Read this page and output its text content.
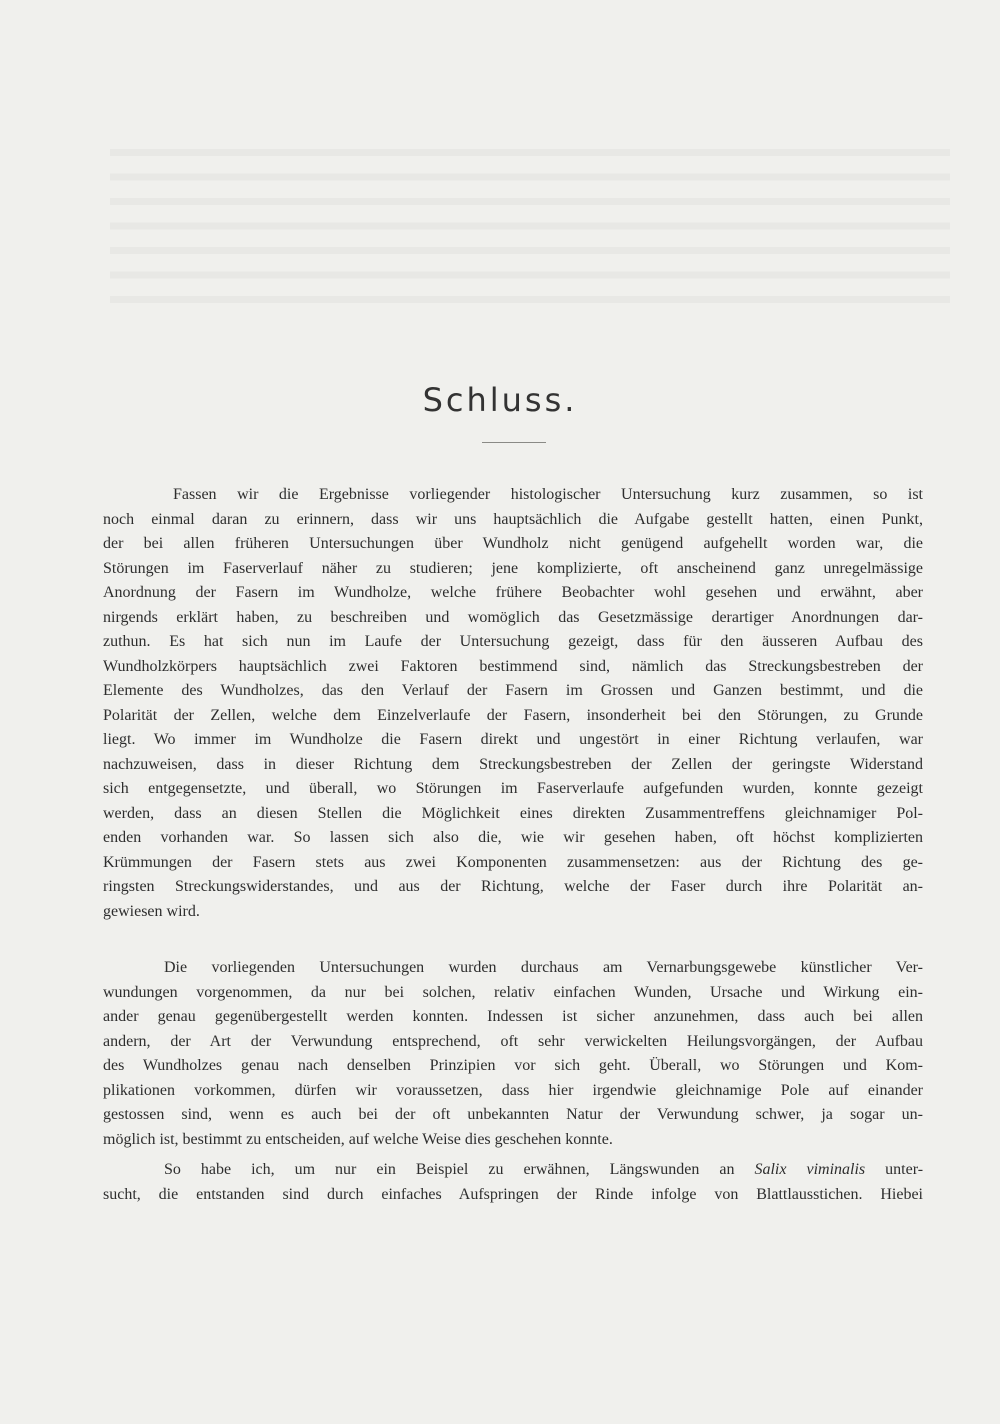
Schluss.
Fassen wir die Ergebnisse vorliegender histologischer Untersuchung kurz zusammen, so ist
noch einmal daran zu erinnern, dass wir uns hauptsächlich die Aufgabe gestellt hatten, einen Punkt,
der bei allen früheren Untersuchungen über Wundholz nicht genügend aufgehellt worden war, die
Störungen im Faserverlauf näher zu studieren; jene komplizierte, oft anscheinend ganz unregelmässige
Anordnung der Fasern im Wundholze, welche frühere Beobachter wohl gesehen und erwähnt, aber
nirgends erklärt haben, zu beschreiben und womöglich das Gesetzmässige derartiger Anordnungen dar-
zuthun. Es hat sich nun im Laufe der Untersuchung gezeigt, dass für den äusseren Aufbau des
Wundholzkörpers hauptsächlich zwei Faktoren bestimmend sind, nämlich das Streckungsbestreben der
Elemente des Wundholzes, das den Verlauf der Fasern im Grossen und Ganzen bestimmt, und die
Polarität der Zellen, welche dem Einzelverlaufe der Fasern, insonderheit bei den Störungen, zu Grunde
liegt. Wo immer im Wundholze die Fasern direkt und ungestört in einer Richtung verlaufen, war
nachzuweisen, dass in dieser Richtung dem Streckungsbestreben der Zellen der geringste Widerstand
sich entgegensetzte, und überall, wo Störungen im Faserverlaufe aufgefunden wurden, konnte gezeigt
werden, dass an diesen Stellen die Möglichkeit eines direkten Zusammentreffens gleichnamiger Pol-
enden vorhanden war. So lassen sich also die, wie wir gesehen haben, oft höchst komplizierten
Krümmungen der Fasern stets aus zwei Komponenten zusammensetzen: aus der Richtung des ge-
ringsten Streckungswiderstandes, und aus der Richtung, welche der Faser durch ihre Polarität an-
gewiesen wird.
Die vorliegenden Untersuchungen wurden durchaus am Vernarbungsgewebe künstlicher Ver-
wundungen vorgenommen, da nur bei solchen, relativ einfachen Wunden, Ursache und Wirkung ein-
ander genau gegenübergestellt werden konnten. Indessen ist sicher anzunehmen, dass auch bei allen
andern, der Art der Verwundung entsprechend, oft sehr verwickelten Heilungsvorgängen, der Aufbau
des Wundholzes genau nach denselben Prinzipien vor sich geht. Überall, wo Störungen und Kom-
plikationen vorkommen, dürfen wir voraussetzen, dass hier irgendwie gleichnamige Pole auf einander
gestossen sind, wenn es auch bei der oft unbekannten Natur der Verwundung schwer, ja sogar un-
möglich ist, bestimmt zu entscheiden, auf welche Weise dies geschehen konnte.
So habe ich, um nur ein Beispiel zu erwähnen, Längswunden an Salix viminalis unter-
sucht, die entstanden sind durch einfaches Aufspringen der Rinde infolge von Blattlausstichen. Hiebei
